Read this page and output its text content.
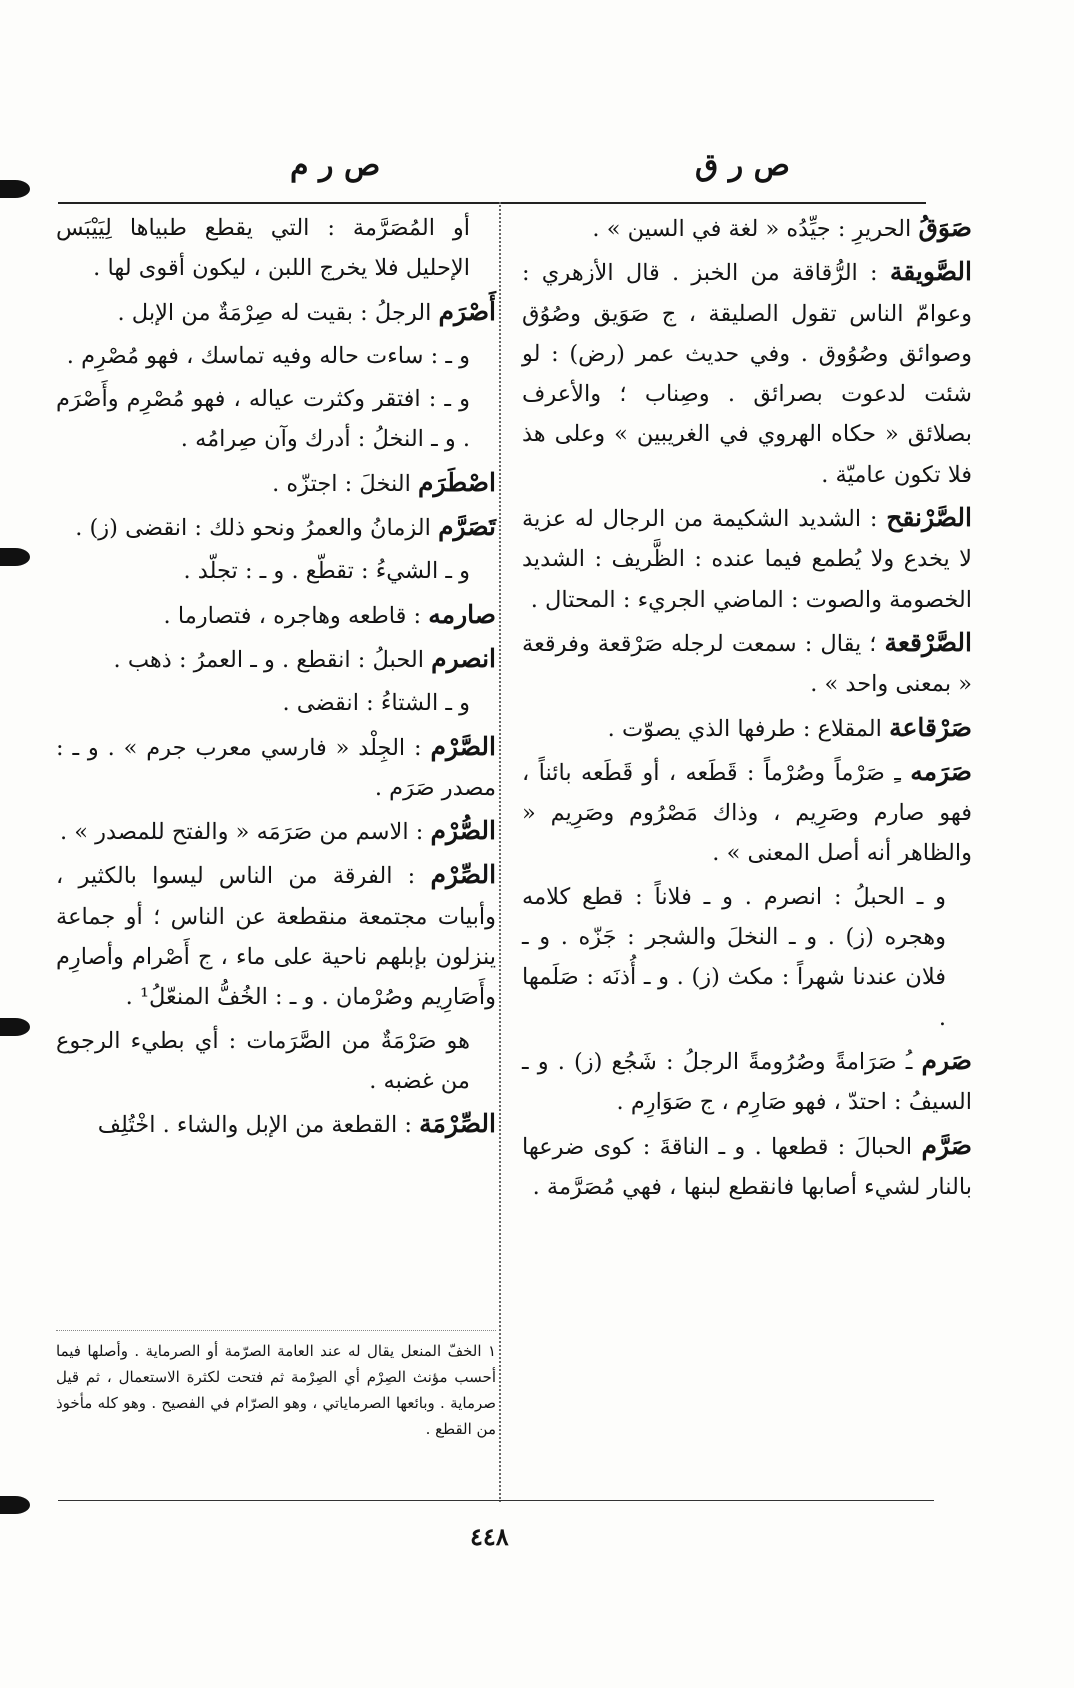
ص ر م	ص ر ق
صَوَقُ الحريرِ : جيِّدُه « لغة في السين » .
الصَّويقة : الرُّقاقة من الخبز . قال الأزهري : وعوامّ الناس تقول الصليقة ، ج صَوَيق وصُوُق وصوائق وصُوُوق . وفي حديث عمر (رض) : لو شئت لدعوت بصرائق . وصِناب ؛ والأعرف بصلائق « حكاه الهروي في الغريبين » وعلى هذ فلا تكون عاميّة .
الصَّرْنقح : الشديد الشكيمة من الرجال له عزية لا يخدع ولا يُطمع فيما عنده : الظَّريف : الشديد الخصومة والصوت : الماضي الجريء : المحتال .
الصَّرْقعة ؛ يقال : سمعت لرجله صَرْقعة وفرقعة « بمعنى واحد » .
صَرْقاعة المقلاع : طرفها الذي يصوّت .
صَرَمه ـِ صَرْماً وصُرْماً : قَطَعه ، أو قَطَعه بائناً ، فهو صارم وصَرِيم ، وذاك مَصْرُوم وصَرِيم « والظاهر أنه أصل المعنى » .
و ـ الحبلُ : انصرم . و ـ فلاناً : قطع كلامه وهجره (ز) . و ـ النخلَ والشجر : جَزّه . و ـ فلان عندنا شهراً : مكث (ز) . و ـ أُذنَه : صَلَمها .
صَرم ـُ صَرَامةً وصُرُومةً الرجلُ : شَجُع (ز) . و ـ السيفُ : احتدّ ، فهو صَارِم ، ج صَوَارِم .
صَرَّم الحبالَ : قطعها . و ـ الناقةَ : كوى ضرعها بالنار لشيء أصابها فانقطع لبنها ، فهي مُصَرَّمة .
أو المُصَرَّمة : التي يقطع طبياها لِيَيْبَس الإحليل فلا يخرج اللبن ، ليكون أقوى لها .
أَصْرَم الرجلُ : بقيت له صِرْمَةٌ من الإبل .
و ـ : ساءت حاله وفيه تماسك ، فهو مُصْرِم .
و ـ : افتقر وكثرت عياله ، فهو مُصْرِم وأَصْرَم . و ـ النخلُ : أدرك وآن صِرامُه .
اصْطَرَم النخلَ : اجتزّه .
تَصَرَّم الزمانُ والعمرُ ونحو ذلك : انقضى (ز) .
و ـ الشيءُ : تقطّع . و ـ : تجلّد .
صارمه : قاطعه وهاجره ، فتصارما .
انصرم الحبلُ : انقطع . و ـ العمرُ : ذهب .
و ـ الشتاءُ : انقضى .
الصَّرْم : الجِلْد « فارسي معرب جرم » . و ـ : مصدر صَرَم .
الصُّرْم : الاسم من صَرَمَه « والفتح للمصدر » .
الصِّرْم : الفرقة من الناس ليسوا بالكثير ، وأبيات مجتمعة منقطعة عن الناس ؛ أو جماعة ينزلون بإبلهم ناحية على ماء ، ج أَصْرام وأصارِم وأَصَارِيم وصُرْمان . و ـ : الخُفُّ المنعّلُ¹ .
هو صَرْمَةٌ من الصَّرَمات : أي بطيء الرجوع من غضبه .
الصِّرْمَة : القطعة من الإبل والشاء . اخْتُلِف
١ الخفّ المنعل يقال له عند العامة الصرّمة أو الصرماية . وأصلها فيما أحسب مؤنث الصِرْم أي الصِرْمة ثم فتحت لكثرة الاستعمال ، ثم قيل صرماية . وبائعها الصرماياتي ، وهو الصرّام في الفصيح . وهو كله مأخوذ من القطع .
٤٤٨
